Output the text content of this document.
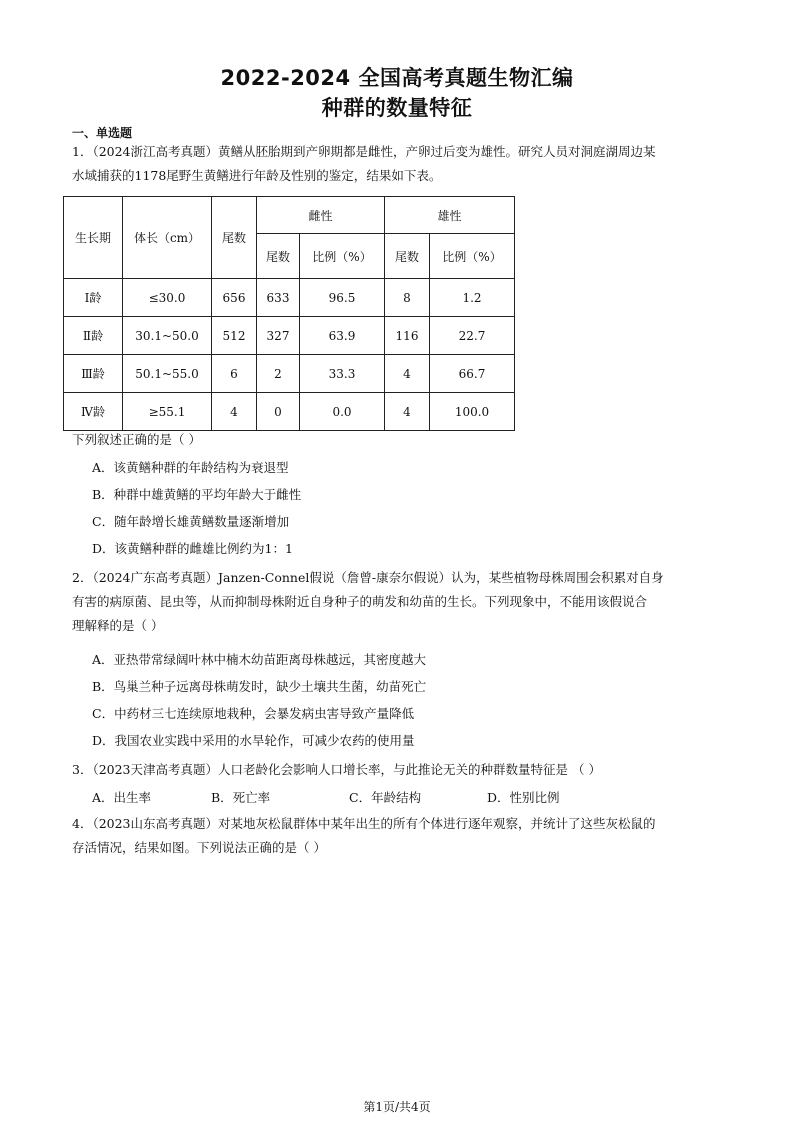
2022-2024 全国高考真题生物汇编
种群的数量特征
一、单选题
1．（2024浙江高考真题）黄鳝从胚胎期到产卵期都是雌性，产卵过后变为雄性。研究人员对洞庭湖周边某
水域捕获的1178尾野生黄鳝进行年龄及性别的鉴定，结果如下表。
生长期	体长（cm）	尾数	雌性		雄性	
			尾数	比例（%）	尾数	比例（%）
Ⅰ龄	≤30.0	656	633	96.5	8	1.2
Ⅱ龄	30.1~50.0	512	327	63.9	116	22.7
Ⅲ龄	50.1~55.0	6	2	33.3	4	66.7
Ⅳ龄	≥55.1	4	0	0.0	4	100.0
下列叙述正确的是（ ）
A．该黄鳝种群的年龄结构为衰退型
B．种群中雄黄鳝的平均年龄大于雌性
C．随年龄增长雄黄鳝数量逐渐增加
D．该黄鳝种群的雌雄比例约为1：1
2．（2024广东高考真题）Janzen-Connel假说（詹曾-康奈尔假说）认为，某些植物母株周围会积累对自身
有害的病原菌、昆虫等，从而抑制母株附近自身种子的萌发和幼苗的生长。下列现象中，不能用该假说合
理解释的是（ ）
A．亚热带常绿阔叶林中楠木幼苗距离母株越远，其密度越大
B．鸟巢兰种子远离母株萌发时，缺少土壤共生菌，幼苗死亡
C．中药材三七连续原地栽种，会暴发病虫害导致产量降低
D．我国农业实践中采用的水旱轮作，可减少农药的使用量
3．（2023天津高考真题）人口老龄化会影响人口增长率，与此推论无关的种群数量特征是 （ ）
A．出生率	B．死亡率	C．年龄结构	D．性别比例
4．（2023山东高考真题）对某地灰松鼠群体中某年出生的所有个体进行逐年观察，并统计了这些灰松鼠的
存活情况，结果如图。下列说法正确的是（ ）
第1页/共4页
